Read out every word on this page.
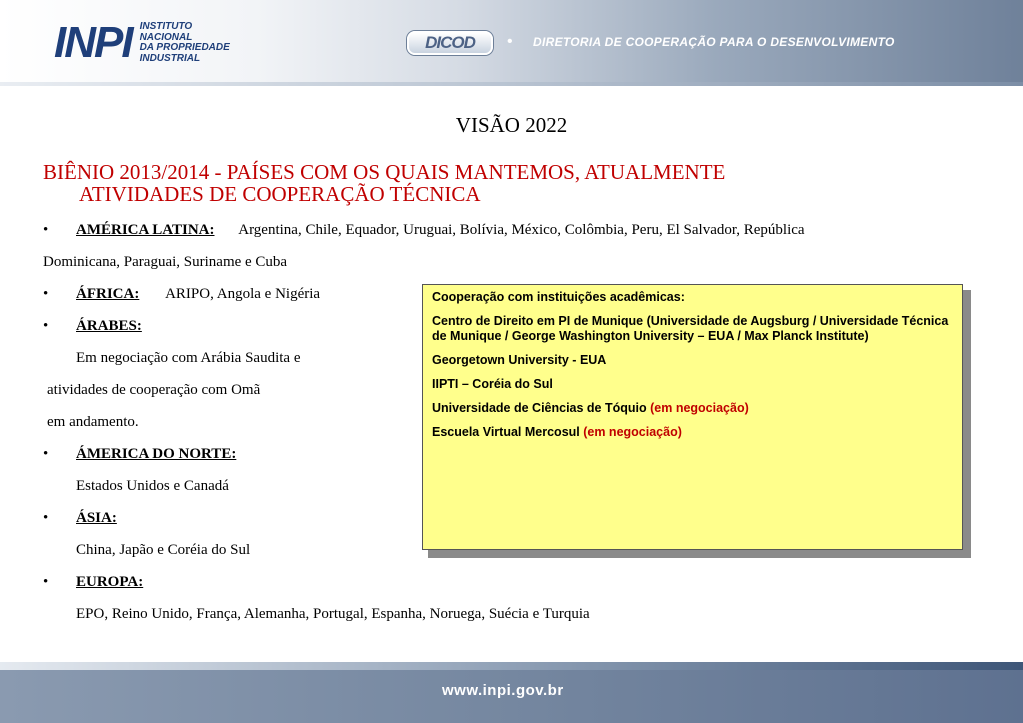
INPI INSTITUTO
NACIONAL
DA PROPRIEDADE
INDUSTRIAL
DICOD	• DIRETORIA DE COOPERAÇÃO PARA O DESENVOLVIMENTO
VISÃO 2022
BIÊNIO 2013/2014 - PAÍSES COM OS QUAIS MANTEMOS, ATUALMENTE
ATIVIDADES DE COOPERAÇÃO TÉCNICA
• AMÉRICA LATINA: Argentina, Chile, Equador, Uruguai, Bolívia, México, Colômbia, Peru, El Salvador, República
Dominicana, Paraguai, Suriname e Cuba
• ÁFRICA: ARIPO, Angola e Nigéria
• ÁRABES:
Em negociação com Arábia Saudita e
atividades de cooperação com Omã
em andamento.
• ÁMERICA DO NORTE:
Estados Unidos e Canadá
• ÁSIA:
China, Japão e Coréia do Sul
• EUROPA:
EPO, Reino Unido, França, Alemanha, Portugal, Espanha, Noruega, Suécia e Turquia

Cooperação com instituições acadêmicas:

Centro de Direito em PI de Munique (Universidade de Augsburg / Universidade Técnica de Munique / George Washington University – EUA / Max Planck Institute)

Georgetown University - EUA

IIPTI – Coréia do Sul

Universidade de Ciências de Tóquio (em negociação)

Escuela Virtual Mercosul (em negociação)

www.inpi.gov.br
